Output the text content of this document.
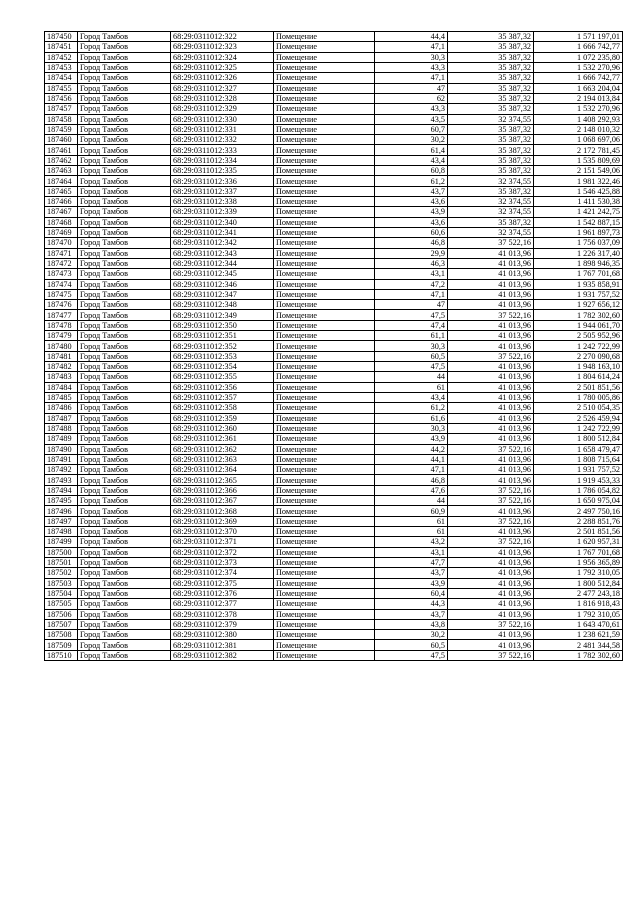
187450	Город Тамбов	68:29:0311012:322	Помещение	44,4	35 387,32	1 571 197,01
187451	Город Тамбов	68:29:0311012:323	Помещение	47,1	35 387,32	1 666 742,77
187452	Город Тамбов	68:29:0311012:324	Помещение	30,3	35 387,32	1 072 235,80
187453	Город Тамбов	68:29:0311012:325	Помещение	43,3	35 387,32	1 532 270,96
187454	Город Тамбов	68:29:0311012:326	Помещение	47,1	35 387,32	1 666 742,77
187455	Город Тамбов	68:29:0311012:327	Помещение	47	35 387,32	1 663 204,04
187456	Город Тамбов	68:29:0311012:328	Помещение	62	35 387,32	2 194 013,84
187457	Город Тамбов	68:29:0311012:329	Помещение	43,3	35 387,32	1 532 270,96
187458	Город Тамбов	68:29:0311012:330	Помещение	43,5	32 374,55	1 408 292,93
187459	Город Тамбов	68:29:0311012:331	Помещение	60,7	35 387,32	2 148 010,32
187460	Город Тамбов	68:29:0311012:332	Помещение	30,2	35 387,32	1 068 697,06
187461	Город Тамбов	68:29:0311012:333	Помещение	61,4	35 387,32	2 172 781,45
187462	Город Тамбов	68:29:0311012:334	Помещение	43,4	35 387,32	1 535 809,69
187463	Город Тамбов	68:29:0311012:335	Помещение	60,8	35 387,32	2 151 549,06
187464	Город Тамбов	68:29:0311012:336	Помещение	61,2	32 374,55	1 981 322,46
187465	Город Тамбов	68:29:0311012:337	Помещение	43,7	35 387,32	1 546 425,88
187466	Город Тамбов	68:29:0311012:338	Помещение	43,6	32 374,55	1 411 530,38
187467	Город Тамбов	68:29:0311012:339	Помещение	43,9	32 374,55	1 421 242,75
187468	Город Тамбов	68:29:0311012:340	Помещение	43,6	35 387,32	1 542 887,15
187469	Город Тамбов	68:29:0311012:341	Помещение	60,6	32 374,55	1 961 897,73
187470	Город Тамбов	68:29:0311012:342	Помещение	46,8	37 522,16	1 756 037,09
187471	Город Тамбов	68:29:0311012:343	Помещение	29,9	41 013,96	1 226 317,40
187472	Город Тамбов	68:29:0311012:344	Помещение	46,3	41 013,96	1 898 946,35
187473	Город Тамбов	68:29:0311012:345	Помещение	43,1	41 013,96	1 767 701,68
187474	Город Тамбов	68:29:0311012:346	Помещение	47,2	41 013,96	1 935 858,91
187475	Город Тамбов	68:29:0311012:347	Помещение	47,1	41 013,96	1 931 757,52
187476	Город Тамбов	68:29:0311012:348	Помещение	47	41 013,96	1 927 656,12
187477	Город Тамбов	68:29:0311012:349	Помещение	47,5	37 522,16	1 782 302,60
187478	Город Тамбов	68:29:0311012:350	Помещение	47,4	41 013,96	1 944 061,70
187479	Город Тамбов	68:29:0311012:351	Помещение	61,1	41 013,96	2 505 952,96
187480	Город Тамбов	68:29:0311012:352	Помещение	30,3	41 013,96	1 242 722,99
187481	Город Тамбов	68:29:0311012:353	Помещение	60,5	37 522,16	2 270 090,68
187482	Город Тамбов	68:29:0311012:354	Помещение	47,5	41 013,96	1 948 163,10
187483	Город Тамбов	68:29:0311012:355	Помещение	44	41 013,96	1 804 614,24
187484	Город Тамбов	68:29:0311012:356	Помещение	61	41 013,96	2 501 851,56
187485	Город Тамбов	68:29:0311012:357	Помещение	43,4	41 013,96	1 780 005,86
187486	Город Тамбов	68:29:0311012:358	Помещение	61,2	41 013,96	2 510 054,35
187487	Город Тамбов	68:29:0311012:359	Помещение	61,6	41 013,96	2 526 459,94
187488	Город Тамбов	68:29:0311012:360	Помещение	30,3	41 013,96	1 242 722,99
187489	Город Тамбов	68:29:0311012:361	Помещение	43,9	41 013,96	1 800 512,84
187490	Город Тамбов	68:29:0311012:362	Помещение	44,2	37 522,16	1 658 479,47
187491	Город Тамбов	68:29:0311012:363	Помещение	44,1	41 013,96	1 808 715,64
187492	Город Тамбов	68:29:0311012:364	Помещение	47,1	41 013,96	1 931 757,52
187493	Город Тамбов	68:29:0311012:365	Помещение	46,8	41 013,96	1 919 453,33
187494	Город Тамбов	68:29:0311012:366	Помещение	47,6	37 522,16	1 786 054,82
187495	Город Тамбов	68:29:0311012:367	Помещение	44	37 522,16	1 650 975,04
187496	Город Тамбов	68:29:0311012:368	Помещение	60,9	41 013,96	2 497 750,16
187497	Город Тамбов	68:29:0311012:369	Помещение	61	37 522,16	2 288 851,76
187498	Город Тамбов	68:29:0311012:370	Помещение	61	41 013,96	2 501 851,56
187499	Город Тамбов	68:29:0311012:371	Помещение	43,2	37 522,16	1 620 957,31
187500	Город Тамбов	68:29:0311012:372	Помещение	43,1	41 013,96	1 767 701,68
187501	Город Тамбов	68:29:0311012:373	Помещение	47,7	41 013,96	1 956 365,89
187502	Город Тамбов	68:29:0311012:374	Помещение	43,7	41 013,96	1 792 310,05
187503	Город Тамбов	68:29:0311012:375	Помещение	43,9	41 013,96	1 800 512,84
187504	Город Тамбов	68:29:0311012:376	Помещение	60,4	41 013,96	2 477 243,18
187505	Город Тамбов	68:29:0311012:377	Помещение	44,3	41 013,96	1 816 918,43
187506	Город Тамбов	68:29:0311012:378	Помещение	43,7	41 013,96	1 792 310,05
187507	Город Тамбов	68:29:0311012:379	Помещение	43,8	37 522,16	1 643 470,61
187508	Город Тамбов	68:29:0311012:380	Помещение	30,2	41 013,96	1 238 621,59
187509	Город Тамбов	68:29:0311012:381	Помещение	60,5	41 013,96	2 481 344,58
187510	Город Тамбов	68:29:0311012:382	Помещение	47,5	37 522,16	1 782 302,60
